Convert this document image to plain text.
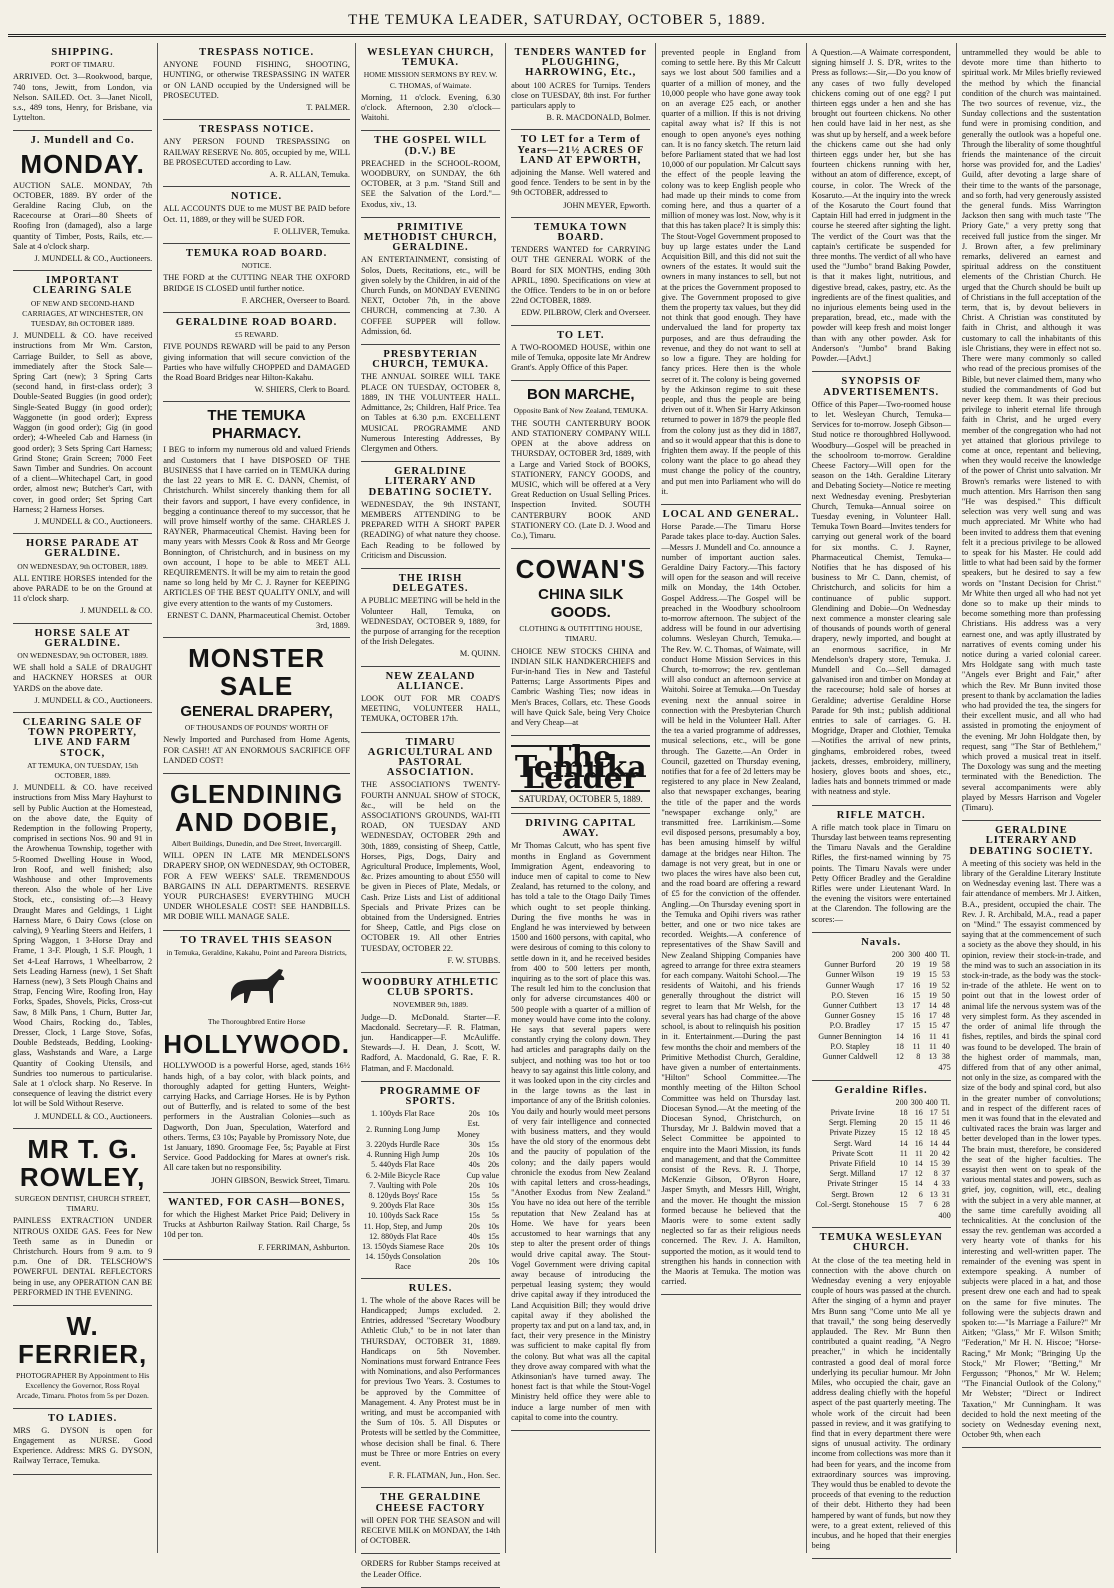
THE TEMUKA LEADER, SATURDAY, OCTOBER 5, 1889.
SHIPPING.
PORT OF TIMARU.
ARRIVED. Oct. 3—Rookwood, barque, 740 tons, Jewitt, from London, via Nelson. SAILED. Oct. 3—Janet Nicoll, s.s., 489 tons, Henry, for Brisbane, via Lyttelton.
J. Mundell and Co.
MONDAY.
AUCTION SALE. MONDAY, 7th OCTOBER, 1889. BY order of the Geraldine Racing Club, on the Racecourse at Orari—80 Sheets of Roofing Iron (damaged), also a large quantity of Timber, Posts, Rails, etc.—Sale at 4 o'clock sharp.
J. MUNDELL & CO., Auctioneers.
IMPORTANT CLEARING SALE
OF NEW AND SECOND-HAND CARRIAGES, AT WINCHESTER, ON TUESDAY, 8th OCTOBER 1889.
J. MUNDELL & CO. have received instructions from Mr Wm. Carston, Carriage Builder, to Sell as above, immediately after the Stock Sale— Spring Cart (new); 3 Spring Carts (second hand, in first-class order); 3 Double-Seated Buggies (in good order); Single-Seated Buggy (in good order); Waggonette (in good order); Express Waggon (in good order); Gig (in good order); 4-Wheeled Cab and Harness (in good order); 3 Sets Spring Cart Harness; Grind Stone; Grain Screen; 7000 Feet Sawn Timber and Sundries. On account of a client—Whitechapel Cart, in good order, almost new; Butcher's Cart, with cover, in good order; Set Spring Cart Harness; 2 Harness Horses.
J. MUNDELL & CO., Auctioneers.
HORSE PARADE AT GERALDINE.
ON WEDNESDAY, 9th OCTOBER, 1889.
ALL ENTIRE HORSES intended for the above PARADE to be on the Ground at 11 o'clock sharp.
J. MUNDELL & CO.
HORSE SALE AT GERALDINE.
ON WEDNESDAY, 9th OCTOBER, 1889.
WE shall hold a SALE of DRAUGHT and HACKNEY HORSES at OUR YARDS on the above date.
J. MUNDELL & CO., Auctioneers.
CLEARING SALE OF TOWN PROPERTY, LIVE AND FARM STOCK,
AT TEMUKA, ON TUESDAY, 15th OCTOBER, 1889.
J. MUNDELL & CO. have received instructions from Miss Mary Hayhurst to sell by Public Auction at the Homestead, on the above date, the Equity of Redemption in the following Property, comprised in sections Nos. 90 and 91 in the Arowhenua Township, together with 5-Roomed Dwelling House in Wood, Iron Roof, and well finished; also Washhouse and other Improvements thereon. Also the whole of her Live Stock, etc., consisting of:—3 Heavy Draught Mares and Geldings, 1 Light Harness Mare, 6 Dairy Cows (close on calving), 9 Yearling Steers and Heifers, 1 Spring Waggon, 1 3-Horse Dray and Frame, 1 3-F. Plough, 1 S.F. Plough, 1 Set 4-Leaf Harrows, 1 Wheelbarrow, 2 Sets Leading Harness (new), 1 Set Shaft Harness (new), 3 Sets Plough Chains and Strap, Fencing Wire, Roofing Iron, Hay Forks, Spades, Shovels, Picks, Cross-cut Saw, 8 Milk Pans, 1 Churn, Butter Jar, Wood Chairs, Rocking do., Tables, Dresser, Clock, 1 Large Stove, Sofas, Double Bedsteads, Bedding, Looking-glass, Washstands and Ware, a Large Quantity of Cooking Utensils, and Sundries too numerous to particularise. Sale at 1 o'clock sharp. No Reserve. In consequence of leaving the district every lot will be Sold Without Reserve.
J. MUNDELL & CO., Auctioneers.
MR T. G. ROWLEY,
SURGEON DENTIST, CHURCH STREET, TIMARU.
PAINLESS EXTRACTION UNDER NITROUS OXIDE GAS. Fees for New Teeth same as in Dunedin or Christchurch. Hours from 9 a.m. to 9 p.m. One of DR. TELSCHOW'S POWERFUL DENTAL REFLECTORS being in use, any OPERATION CAN BE PERFORMED IN THE EVENING.
W. FERRIER,
PHOTOGRAPHER By Appointment to His Excellency the Governor, Ross Royal Arcade, Timaru. Photos from 5s per Dozen.
TO LADIES.
MRS G. DYSON is open for Engagement as NURSE. Good Experience. Address: MRS G. DYSON, Railway Terrace, Temuka.
TRESPASS NOTICE.
ANYONE FOUND FISHING, SHOOTING, HUNTING, or otherwise TRESPASSING IN WATER or ON LAND occupied by the Undersigned will be PROSECUTED.
T. PALMER.
TRESPASS NOTICE.
ANY PERSON FOUND TRESPASSING on RAILWAY RESERVE No. 805, occupied by me, WILL BE PROSECUTED according to Law.
A. R. ALLAN, Temuka.
NOTICE.
ALL ACCOUNTS DUE to me MUST BE PAID before Oct. 11, 1889, or they will be SUED FOR.
F. OLLIVER, Temuka.
TEMUKA ROAD BOARD.
NOTICE.
THE FORD at the CUTTING NEAR THE OXFORD BRIDGE IS CLOSED until further notice.
F. ARCHER, Overseer to Board.
GERALDINE ROAD BOARD.
£5 REWARD.
FIVE POUNDS REWARD will be paid to any Person giving information that will secure conviction of the Parties who have wilfully CHOPPED and DAMAGED the Road Board Bridges near Hilton-Kakahu.
W. SHIERS, Clerk to Board.
THE TEMUKA PHARMACY.
I BEG to inform my numerous old and valued Friends and Customers that I have DISPOSED OF THE BUSINESS that I have carried on in TEMUKA during the last 22 years to MR E. C. DANN, Chemist, of Christchurch. Whilst sincerely thanking them for all their favors and support, I have every confidence, in begging a continuance thereof to my successor, that he will prove himself worthy of the same. CHARLES J. RAYNER, Pharmaceutical Chemist. Having been for many years with Messrs Cook & Ross and Mr George Bonnington, of Christchurch, and in business on my own account, I hope to be able to MEET ALL REQUIREMENTS. It will be my aim to retain the good name so long held by Mr C. J. Rayner for KEEPING ARTICLES OF THE BEST QUALITY ONLY, and will give every attention to the wants of my Customers.
ERNEST C. DANN, Pharmaceutical Chemist. October 3rd, 1889.
MONSTER SALE
GENERAL DRAPERY,
OF THOUSANDS OF POUNDS' WORTH OF
Newly Imported and Purchased from Home Agents, FOR CASH!! AT AN ENORMOUS SACRIFICE OFF LANDED COST!
GLENDINING AND DOBIE,
Albert Buildings, Dunedin, and Dee Street, Invercargill.
WILL OPEN IN LATE MR MENDELSON'S DRAPERY SHOP, ON WEDNESDAY, 9th OCTOBER, FOR A FEW WEEKS' SALE. TREMENDOUS BARGAINS IN ALL DEPARTMENTS. RESERVE YOUR PURCHASES! EVERYTHING MUCH UNDER WHOLESALE COST! SEE HANDBILLS. MR DOBIE WILL MANAGE SALE.
TO TRAVEL THIS SEASON
in Temuka, Geraldine, Kakahu, Point and Pareora Districts,
The Thoroughbred Entire Horse
HOLLYWOOD.
HOLLYWOOD is a powerful Horse, aged, stands 16½ hands high, of a bay color, with black points, and thoroughly adapted for getting Hunters, Weight-carrying Hacks, and Carriage Horses. He is by Python out of Butterfly, and is related to some of the best performers in the Australian Colonies—such as Dagworth, Don Juan, Speculation, Waterford and others. Terms, £3 10s; Payable by Promissory Note, due 1st January, 1890. Groomage Fee, 5s; Payable at First Service. Good Paddocking for Mares at owner's risk. All care taken but no responsibility.
JOHN GIBSON, Beswick Street, Timaru.
WANTED, FOR CASH—BONES,
for which the Highest Market Price Paid; Delivery in Trucks at Ashburton Railway Station. Rail Charge, 5s 10d per ton.
F. FERRIMAN, Ashburton.
WESLEYAN CHURCH, TEMUKA.
HOME MISSION SERMONS BY REV. W. C. THOMAS, of Waimate.
Morning, 11 o'clock. Evening, 6.30 o'clock. Afternoon, 2.30 o'clock—Waitohi.
THE GOSPEL WILL (D.V.) BE
PREACHED in the SCHOOL-ROOM, WOODBURY, on SUNDAY, the 6th OCTOBER, at 3 p.m. "Stand Still and SEE the Salvation of the Lord."—Exodus, xiv., 13.
PRIMITIVE METHODIST CHURCH, GERALDINE.
AN ENTERTAINMENT, consisting of Solos, Duets, Recitations, etc., will be given solely by the Children, in aid of the Church Funds, on MONDAY EVENING NEXT, October 7th, in the above CHURCH, commencing at 7.30. A COFFEE SUPPER will follow. Admission, 6d.
PRESBYTERIAN CHURCH, TEMUKA.
THE ANNUAL SOIREE WILL TAKE PLACE ON TUESDAY, OCTOBER 8, 1889, IN THE VOLUNTEER HALL. Admittance, 2s; Children, Half Price. Tea on Tables at 6.30 p.m. EXCELLENT MUSICAL PROGRAMME AND Numerous Interesting Addresses, By Clergymen and Others.
GERALDINE LITERARY AND DEBATING SOCIETY.
WEDNESDAY, the 9th INSTANT, MEMBERS ATTENDING to be PREPARED WITH A SHORT PAPER (READING) of what nature they choose. Each Reading to be followed by Criticism and Discussion.
THE IRISH DELEGATES.
A PUBLIC MEETING will be held in the Volunteer Hall, Temuka, on WEDNESDAY, OCTOBER 9, 1889, for the purpose of arranging for the reception of the Irish Delegates.
M. QUINN.
NEW ZEALAND ALLIANCE.
LOOK OUT FOR MR COAD'S MEETING, VOLUNTEER HALL, TEMUKA, OCTOBER 17th.
TIMARU AGRICULTURAL AND PASTORAL ASSOCIATION.
THE ASSOCIATION'S TWENTY-FOURTH ANNUAL SHOW of STOCK, &c., will be held on the ASSOCIATION'S GROUNDS, WAI-ITI ROAD, ON TUESDAY AND WEDNESDAY, OCTOBER 29th and 30th, 1889, consisting of Sheep, Cattle, Horses, Pigs, Dogs, Dairy and Agricultural Produce, Implements, Wool, &c. Prizes amounting to about £550 will be given in Pieces of Plate, Medals, or Cash. Prize Lists and List of additional Specials and Private Prizes can be obtained from the Undersigned. Entries for Sheep, Cattle, and Pigs close on OCTOBER 19. All other Entries TUESDAY, OCTOBER 22.
F. W. STUBBS.
WOODBURY ATHLETIC CLUB SPORTS.
NOVEMBER 9th, 1889.
Judge—D. McDonald. Starter—F. Macdonald. Secretary—F. R. Flatman, jun. Handicapper—F. McAuliffe. Stewards—J. H. Dean, J. Scott, W. Radford, A. Macdonald, G. Rae, F. R. Flatman, and F. Macdonald.
PROGRAMME OF SPORTS.
1. 100yds Flat Race	20s	10s
2. Running Long Jump	Est. Money	
3. 220yds Hurdle Race	30s	15s
4. Running High Jump	20s	10s
5. 440yds Flat Race	40s	20s
6. 2-Mile Bicycle Race	Cup	value
7. Vaulting with Pole	20s	10s
8. 120yds Boys' Race	15s	5s
9. 200yds Flat Race	30s	15s
10. 100yds Sack Race	15s	5s
11. Hop, Step, and Jump	20s	10s
12. 880yds Flat Race	40s	15s
13. 150yds Siamese Race	20s	10s
14. 150yds Consolation Race	20s	10s
RULES.
1. The whole of the above Races will be Handicapped; Jumps excluded. 2. Entries, addressed "Secretary Woodbury Athletic Club," to be in not later than THURSDAY, OCTOBER 31, 1889. Handicaps on 5th November. Nominations must forward Entrance Fees with Nominations, and also Performances for previous Two Years. 3. Costumes to be approved by the Committee of Management. 4. Any Protest must be in writing, and must be accompanied with the Sum of 10s. 5. All Disputes or Protests will be settled by the Committee, whose decision shall be final. 6. There must be Three or more Entries on every event.
F. R. FLATMAN, Jun., Hon. Sec.
THE GERALDINE CHEESE FACTORY
will OPEN FOR THE SEASON and will RECEIVE MILK on MONDAY, the 14th of OCTOBER.
ORDERS for Rubber Stamps received at the Leader Office.
TENDERS WANTED for PLOUGHING, HARROWING, Etc.,
about 100 ACRES for Turnips. Tenders close on TUESDAY, 8th inst. For further particulars apply to
B. R. MACDONALD, Bolmer.
TO LET for a Term of Years—21½ ACRES OF LAND AT EPWORTH,
adjoining the Manse. Well watered and good fence. Tenders to be sent in by the 9th OCTOBER, addressed to
JOHN MEYER, Epworth.
TEMUKA TOWN BOARD.
TENDERS WANTED for CARRYING OUT THE GENERAL WORK of the Board for SIX MONTHS, ending 30th APRIL, 1890. Specifications on view at the Office. Tenders to be in on or before 22nd OCTOBER, 1889.
EDW. PILBROW, Clerk and Overseer.
TO LET.
A TWO-ROOMED HOUSE, within one mile of Temuka, opposite late Mr Andrew Grant's. Apply Office of this Paper.
BON MARCHE,
Opposite Bank of New Zealand, TEMUKA.
THE SOUTH CANTERBURY BOOK AND STATIONERY COMPANY WILL OPEN at the above address on THURSDAY, OCTOBER 3rd, 1889, with a Large and Varied Stock of BOOKS, STATIONERY, FANCY GOODS, and MUSIC, which will be offered at a Very Great Reduction on Usual Selling Prices. Inspection Invited. SOUTH CANTERBURY BOOK AND STATIONERY CO. (Late D. J. Wood and Co.), Timaru.
COWAN'S
CHINA SILK GOODS.
CLOTHING & OUTFITTING HOUSE, TIMARU.
CHOICE NEW STOCKS CHINA and INDIAN SILK HANDKERCHIEFS and Fur-in-hand Ties in New and Tasteful Patterns; Large Assortments Pipes and Cambric Washing Ties; now ideas in Men's Braces, Collars, etc. These Goods will have Quick Sale, being Very Choice and Very Cheap—at
The Temuka Leader
SATURDAY, OCTOBER 5, 1889.
DRIVING CAPITAL AWAY.
Mr Thomas Calcutt, who has spent five months in England as Government Immigration Agent, endeavoring to induce men of capital to come to New Zealand, has returned to the colony, and has told a tale to the Otago Daily Times which ought to set people thinking. During the five months he was in England he was interviewed by between 1500 and 1600 persons, with capital, who were desirous of coming to this colony to settle down in it, and he received besides from 400 to 500 letters per month, inquiring as to the sort of place this was. The result led him to the conclusion that only for adverse circumstances 400 or 500 people with a quarter of a million of money would have come into the colony. He says that several papers were constantly crying the colony down. They had articles and paragraphs daily on the subject, and nothing was too hot or too heavy to say against this little colony, and it was looked upon in the city circles and in the large towns as the last in importance of any of the British colonies. You daily and hourly would meet persons of very fair intelligence and connected with business matters, and they would have the old story of the enormous debt and the paucity of population of the colony; and the daily papers would chronicle the exodus from New Zealand with capital letters and cross-headings, "Another Exodus from New Zealand." You have no idea out here of the terrible reputation that New Zealand has at Home. We have for years been accustomed to hear warnings that any step to alter the present order of things would drive capital away. The Stout-Vogel Government were driving capital away because of introducing the perpetual leasing system; they would drive capital away if they introduced the Land Acquisition Bill; they would drive capital away if they abolished the property tax and put on a land tax, and, in fact, their very presence in the Ministry was sufficient to make capital fly from the colony. But what was all the capital they drove away compared with what the Atkinsonian's have turned away. The honest fact is that while the Stout-Vogel Ministry held office they were able to induce a large number of men with capital to come into the country.
prevented people in England from coming to settle here. By this Mr Calcutt says we lost about 500 families and a quarter of a million of money, and the 10,000 people who have gone away took on an average £25 each, or another quarter of a million. If this is not driving capital away what is? If this is not enough to open anyone's eyes nothing can. It is no fancy sketch. The return laid before Parliament stated that we had lost 10,000 of our population. Mr Calcutt says the effect of the people leaving the colony was to keep English people who had made up their minds to come from coming here, and thus a quarter of a million of money was lost. Now, why is it that this has taken place? It is simply this: The Stout-Vogel Government proposed to buy up large estates under the Land Acquisition Bill, and this did not suit the owners of the estates. It would suit the owners in many instances to sell, but not at the prices the Government proposed to give. The Government proposed to give them the property tax values, but they did not think that good enough. They have undervalued the land for property tax purposes, and are thus defrauding the revenue, and they do not want to sell at so low a figure. They are holding for fancy prices. Here then is the whole secret of it. The colony is being governed by the Atkinson regime to suit these people, and thus the people are being driven out of it. When Sir Harry Atkinson returned to power in 1879 the people fled from the colony just as they did in 1887, and so it would appear that this is done to frighten them away. If the people of this colony want the place to go ahead they must change the policy of the country, and put men into Parliament who will do it.
LOCAL AND GENERAL.
Horse Parade.—The Timaru Horse Parade takes place to-day. Auction Sales.—Messrs J. Mundell and Co. announce a number of important auction sales. Geraldine Dairy Factory.—This factory will open for the season and will receive milk on Monday, the 14th October. Gospel Address.—The Gospel will be preached in the Woodbury schoolroom to-morrow afternoon. The subject of the address will be found in our advertising columns. Wesleyan Church, Temuka.—The Rev. W. C. Thomas, of Waimate, will conduct Home Mission Services in this Church, to-morrow; the rev. gentleman will also conduct an afternoon service at Waitohi. Soiree at Temuka.—On Tuesday evening next the annual soiree in connection with the Presbyterian Church will be held in the Volunteer Hall. After the tea a varied programme of addresses, musical selections, etc., will be gone through. The Gazette.—An Order in Council, gazetted on Thursday evening, notifies that for a fee of 2d letters may be registered to any place in New Zealand, also that newspaper exchanges, bearing the title of the paper and the words "newspaper exchange only," are transmitted free. Larrikinism.—Some evil disposed persons, presumably a boy, has been amusing himself by wilful damage at the bridges near Hilton. The damage is not very great, but in one or two places the wires have also been cut, and the road board are offering a reward of £5 for the conviction of the offender. Angling.—On Thursday evening sport in the Temuka and Opihi rivers was rather better, and one or two nice takes are recorded. Weights.—A conference of representatives of the Shaw Savill and New Zealand Shipping Companies have agreed to arrange for three extra steamers for each company. Waitohi School.—The residents of Waitohi, and his friends generally throughout the district will regret to learn that Mr Welsh, for the several years has had charge of the above school, is about to relinquish his position in it. Entertainment.—During the past few months the choir and members of the Primitive Methodist Church, Geraldine, have given a number of entertainments. "Hilton" School Committee.—The monthly meeting of the Hilton School Committee was held on Thursday last. Diocesan Synod.—At the meeting of the Diocesan Synod, Christchurch, on Thursday, Mr J. Baldwin moved that a Select Committee be appointed to enquire into the Maori Mission, its funds and management, and that the Committee consist of the Revs. R. J. Thorpe, McKenzie Gibson, O'Byron Hoare, Jasper Smyth, and Messrs Hill, Wright, and the mover. He thought the mission formed because he believed that the Maoris were to some extent sadly neglected so far as their religious needs concerned. The Rev. J. A. Hamilton, supported the motion, as it would tend to strengthen his hands in connection with the Maoris at Temuka. The motion was carried.
A Question.—A Waimate correspondent, signing himself J. S. D'R, writes to the Press as follows:—Sir,—Do you know of any cases of two fully developed chickens coming out of one egg? I put thirteen eggs under a hen and she has brought out fourteen chickens. No other hen could have laid in her nest, as she was shut up by herself, and a week before the chickens came out she had only thirteen eggs under her, but she has fourteen chickens running with her, without an atom of difference, except, of course, in color. The Wreck of the Kosaruto.—At the inquiry into the wreck of the Kosaruto the Court found that Captain Hill had erred in judgment in the course he steered after sighting the light. The verdict of the Court was that the captain's certificate be suspended for three months. The verdict of all who have used the "Jumbo" brand Baking Powder, is that it makes light, nutritious, and digestive bread, cakes, pastry, etc. As the ingredients are of the finest qualities, and no injurious elements being used in the preparation, bread, etc., made with the powder will keep fresh and moist longer than with any other powder. Ask for Anderson's "Jumbo" brand Baking Powder.—[Advt.]
SYNOPSIS OF ADVERTISEMENTS.
Office of this Paper—Two-roomed house to let. Wesleyan Church, Temuka—Services for to-morrow. Joseph Gibson—Stud notice re thoroughbred Hollywood. Woodbury—Gospel will be preached in the schoolroom to-morrow. Geraldine Cheese Factory—Will open for the season on the 14th. Geraldine Literary and Debating Society—Notice re meeting next Wednesday evening. Presbyterian Church, Temuka—Annual soiree on Tuesday evening, in Volunteer Hall. Temuka Town Board—Invites tenders for carrying out general work of the board for six months. C. J. Rayner, Pharmaceutical Chemist, Temuka—Notifies that he has disposed of his business to Mr C. Dann, chemist, of Christchurch, and solicits for him a continuance of public support. Glendining and Dobie—On Wednesday next commence a monster clearing sale of thousands of pounds worth of general drapery, newly imported, and bought at an enormous sacrifice, in Mr Mendelson's drapery store, Temuka. J. Mundell and Co.—Sell damaged galvanised iron and timber on Monday at the racecourse; hold sale of horses at Geraldine; advertise Geraldine Horse Parade for 9th inst.; publish additional entries to sale of carriages. G. H. Mogridge, Draper and Clothier, Temuka—Notifies the arrival of new prints, ginghams, embroidered robes, tweed jackets, dresses, embroidery, millinery, hosiery, gloves boots and shoes, etc., ladies hats and bonnets trimmed or made with neatness and style.
RIFLE MATCH.
A rifle match took place in Timaru on Thursday last between teams representing the Timaru Navals and the Geraldine Rifles, the first-named winning by 75 points. The Timaru Navals were under Petty Officer Bradley and the Geraldine Rifles were under Lieutenant Ward. In the evening the visitors were entertained at the Clarendon. The following are the scores:—
Navals.
	200	300	400	Tl.
Gunner Burford	20	19	19	58
Gunner Wilson	19	19	15	53
Gunner Waugh	17	16	19	52
P.O. Steven	16	15	19	50
Gunner Cuthbert	13	17	14	48
Gunner Gosney	15	16	17	48
P.O. Bradley	17	15	15	47
Gunner Bennington	14	16	11	41
P.O. Stapley	18	11	11	40
Gunner Caldwell	12	8	13	38
475
Geraldine Rifles.
	200	300	400	Tl.
Private Irvine	18	16	17	51
Sergt. Fleming	20	15	11	46
Private Pizzey	15	12	18	45
Sergt. Ward	14	16	14	44
Private Scott	11	11	20	42
Private Fifield	10	14	15	39
Sergt. Milland	17	12	8	37
Private Stringer	15	14	4	33
Sergt. Brown	12	6	13	31
Col.-Sergt. Stonehouse	15	7	6	28
400
TEMUKA WESLEYAN CHURCH.
At the close of the tea meeting held in connection with the above church on Wednesday evening a very enjoyable couple of hours was passed at the church. After the singing of a hymn and prayer Mrs Bunn sang "Come unto Me all ye that travail," the song being deservedly applauded. The Rev. Mr Bunn then contributed a quaint reading, "A Negro preacher," in which he incidentally contrasted a good deal of moral force underlying its peculiar humour. Mr John Miles, who occupied the chair, gave an address dealing chiefly with the hopeful aspect of the past quarterly meeting. The whole work of the circuit had been passed in review, and it was gratifying to find that in every department there were signs of unusual activity. The ordinary income from collections was more than it had been for years, and the income from extraordinary sources was improving. They would thus be enabled to devote the proceeds of that evening to the reduction of their debt. Hitherto they had been hampered by want of funds, but now they were, to a great extent, relieved of this incubus, and he hoped that their energies being
untrammelled they would be able to devote more time than hitherto to spiritual work. Mr Miles briefly reviewed the method by which the financial condition of the church was maintained. The two sources of revenue, viz., the Sunday collections and the sustentation fund were in promising condition, and generally the outlook was a hopeful one. Through the liberality of some thoughtful friends the maintenance of the circuit horse was provided for, and the Ladies' Guild, after devoting a large share of their time to the wants of the parsonage, and so forth, had very generously assisted the general funds. Miss Warrington Jackson then sang with much taste "The Priory Gate," a very pretty song that received full justice from the singer. Mr J. Brown after, a few preliminary remarks, delivered an earnest and spiritual address on the constituent elements of the Christian Church. He urged that the Church should be built up of Christians in the full acceptation of the term, that is, by devout believers in Christ. A Christian was constituted by faith in Christ, and although it was customary to call the inhabitants of this isle Christians, they were in effect not so. There were many commonly so called who read of the precious promises of the Bible, but never claimed them, many who studied the commandments of God but never keep them. It was their precious privilege to inherit eternal life through faith in Christ, and he urged every member of the congregation who had not yet attained that glorious privilege to come at once, repentant and believing, when they would receive the knowledge of the power of Christ unto salvation. Mr Brown's remarks were listened to with much attention. Mrs Harrison then sang "He was despised." This difficult selection was very well sung and was much appreciated. Mr White who had been invited to address them that evening felt it a precious privilege to be allowed to speak for his Master. He could add little to what had been said by the former speakers, but he desired to say a few words on "Instant Decision for Christ." Mr White then urged all who had not yet done so to make up their minds to become something more than professing Christians. His address was a very earnest one, and was aptly illustrated by narratives of events coming under his notice during a varied colonial career. Mrs Holdgate sang with much taste "Angels ever Bright and Fair," after which the Rev. Mr Bunn invited those present to thank by acclamation the ladies who had provided the tea, the singers for their excellent music, and all who had assisted in promoting the enjoyment of the evening. Mr John Holdgate then, by request, sang "The Star of Bethlehem," which proved a musical treat in itself. The Doxology was sung and the meeting terminated with the Benediction. The several accompaniments were ably played by Messrs Harrison and Vogeler (Timaru).
GERALDINE LITERARY AND DEBATING SOCIETY.
A meeting of this society was held in the library of the Geraldine Literary Institute on Wednesday evening last. There was a fair attendance of members. Mr J. Aitken, B.A., president, occupied the chair. The Rev. J. R. Archibald, M.A., read a paper on "Mind." The essayist commenced by saying that at the commencement of such a society as the above they should, in his opinion, review their stock-in-trade, and the mind was to such an association in its stock-in-trade, as the body was the stock-in-trade of the athlete. He went on to point out that in the lowest order of animal life the nervous system was of the very simplest form. As they ascended in the order of animal life through the fishes, reptiles, and birds the spinal cord was found to be developed. The brain of the highest order of mammals, man, differed from that of any other animal, not only in the size, as compared with the size of the body and spinal cord, but also in the greater number of convolutions; and in respect of the different races of men it was found that in the elevated and cultivated races the brain was larger and better developed than in the lower types. The brain must, therefore, be considered the seat of the higher faculties. The essayist then went on to speak of the various mental states and powers, such as grief, joy, cognition, will, etc., dealing with the subject in a very able manner, at the same time carefully avoiding all technicalities. At the conclusion of the essay the rev. gentleman was accorded a very hearty vote of thanks for his interesting and well-written paper. The remainder of the evening was spent in extempore speaking. A number of subjects were placed in a hat, and those present drew one each and had to speak on the same for five minutes. The following were the subjects drawn and spoken to:—"Is Marriage a Failure?" Mr Aitken; "Glass," Mr F. Wilson Smith; "Federation," Mr H. N. Hiscoe; "Horse-Racing," Mr Monk; "Bringing Up the Stock," Mr Flower; "Betting," Mr Fergusson; "Phonos," Mr W. Helem; "The Financial Outlook of the Colony," Mr Webster; "Direct or Indirect Taxation," Mr Cunningham. It was decided to hold the next meeting of the society on Wednesday evening next, October 9th, when each
